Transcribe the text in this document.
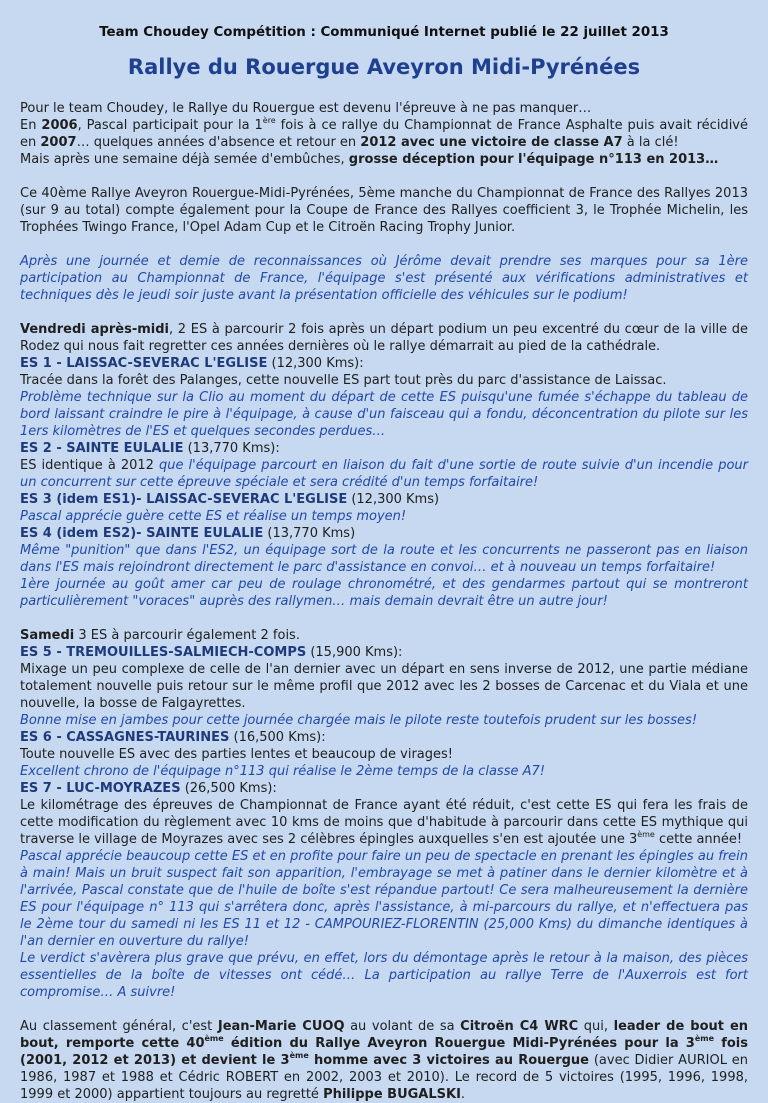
Team Choudey Compétition : Communiqué Internet publié le 22 juillet 2013
Rallye du Rouergue Aveyron Midi-Pyrénées
Pour le team Choudey, le Rallye du Rouergue est devenu l'épreuve à ne pas manquer…
En 2006, Pascal participait pour la 1ère fois à ce rallye du Championnat de France Asphalte puis avait récidivé
en 2007… quelques années d'absence et retour en 2012 avec une victoire de classe A7 à la clé!
Mais après une semaine déjà semée d'embûches, grosse déception pour l'équipage n°113 en 2013…
Ce 40ème Rallye Aveyron Rouergue-Midi-Pyrénées, 5ème manche du Championnat de France des Rallyes 2013
(sur 9 au total) compte également pour la Coupe de France des Rallyes coefficient 3, le Trophée Michelin, les
Trophées Twingo France, l'Opel Adam Cup et le Citroën Racing Trophy Junior.
Après une journée et demie de reconnaissances où Jérôme devait prendre ses marques pour sa 1ère
participation au Championnat de France, l'équipage s'est présenté aux vérifications administratives et
techniques dès le jeudi soir juste avant la présentation officielle des véhicules sur le podium!
Vendredi après-midi, 2 ES à parcourir 2 fois après un départ podium un peu excentré du cœur de la ville de
Rodez qui nous fait regretter ces années dernières où le rallye démarrait au pied de la cathédrale.
ES 1 - LAISSAC-SEVERAC L'EGLISE (12,300 Kms):
Tracée dans la forêt des Palanges, cette nouvelle ES part tout près du parc d'assistance de Laissac.
Problème technique sur la Clio au moment du départ de cette ES puisqu'une fumée s'échappe du tableau de
bord laissant craindre le pire à l'équipage, à cause d'un faisceau qui a fondu, déconcentration du pilote sur les
1ers kilomètres de l'ES et quelques secondes perdues…
ES 2 - SAINTE EULALIE (13,770 Kms):
ES identique à 2012 que l'équipage parcourt en liaison du fait d'une sortie de route suivie d'un incendie pour
un concurrent sur cette épreuve spéciale et sera crédité d'un temps forfaitaire!
ES 3 (idem ES1)- LAISSAC-SEVERAC L'EGLISE (12,300 Kms)
Pascal apprécie guère cette ES et réalise un temps moyen!
ES 4 (idem ES2)- SAINTE EULALIE (13,770 Kms)
Même "punition" que dans l'ES2, un équipage sort de la route et les concurrents ne passeront pas en liaison
dans l'ES mais rejoindront directement le parc d'assistance en convoi… et à nouveau un temps forfaitaire!
1ère journée au goût amer car peu de roulage chronométré, et des gendarmes partout qui se montreront
particulièrement "voraces" auprès des rallymen… mais demain devrait être un autre jour!
Samedi 3 ES à parcourir également 2 fois.
ES 5 - TREMOUILLES-SALMIECH-COMPS (15,900 Kms):
Mixage un peu complexe de celle de l'an dernier avec un départ en sens inverse de 2012, une partie médiane
totalement nouvelle puis retour sur le même profil que 2012 avec les 2 bosses de Carcenac et du Viala et une
nouvelle, la bosse de Falgayrettes.
Bonne mise en jambes pour cette journée chargée mais le pilote reste toutefois prudent sur les bosses!
ES 6 - CASSAGNES-TAURINES (16,500 Kms):
Toute nouvelle ES avec des parties lentes et beaucoup de virages!
Excellent chrono de l'équipage n°113 qui réalise le 2ème temps de la classe A7!
ES 7 - LUC-MOYRAZES (26,500 Kms):
Le kilométrage des épreuves de Championnat de France ayant été réduit, c'est cette ES qui fera les frais de
cette modification du règlement avec 10 kms de moins que d'habitude à parcourir dans cette ES mythique qui
traverse le village de Moyrazes avec ses 2 célèbres épingles auxquelles s'en est ajoutée une 3ème cette année!
Pascal apprécie beaucoup cette ES et en profite pour faire un peu de spectacle en prenant les épingles au frein
à main! Mais un bruit suspect fait son apparition, l'embrayage se met à patiner dans le dernier kilomètre et à
l'arrivée, Pascal constate que de l'huile de boîte s'est répandue partout! Ce sera malheureusement la dernière
ES pour l'équipage n° 113 qui s'arrêtera donc, après l'assistance, à mi-parcours du rallye, et n'effectuera pas
le 2ème tour du samedi ni les ES 11 et 12 - CAMPOURIEZ-FLORENTIN (25,000 Kms) du dimanche identiques à
l'an dernier en ouverture du rallye!
Le verdict s'avèrera plus grave que prévu, en effet, lors du démontage après le retour à la maison, des pièces
essentielles de la boîte de vitesses ont cédé… La participation au rallye Terre de l'Auxerrois est fort
compromise… A suivre!
Au classement général, c'est Jean-Marie CUOQ au volant de sa Citroën C4 WRC qui, leader de bout en
bout, remporte cette 40ème édition du Rallye Aveyron Rouergue Midi-Pyrénées pour la 3ème fois
(2001, 2012 et 2013) et devient le 3ème homme avec 3 victoires au Rouergue (avec Didier AURIOL en
1986, 1987 et 1988 et Cédric ROBERT en 2002, 2003 et 2010). Le record de 5 victoires (1995, 1996, 1998,
1999 et 2000) appartient toujours au regretté Philippe BUGALSKI.
